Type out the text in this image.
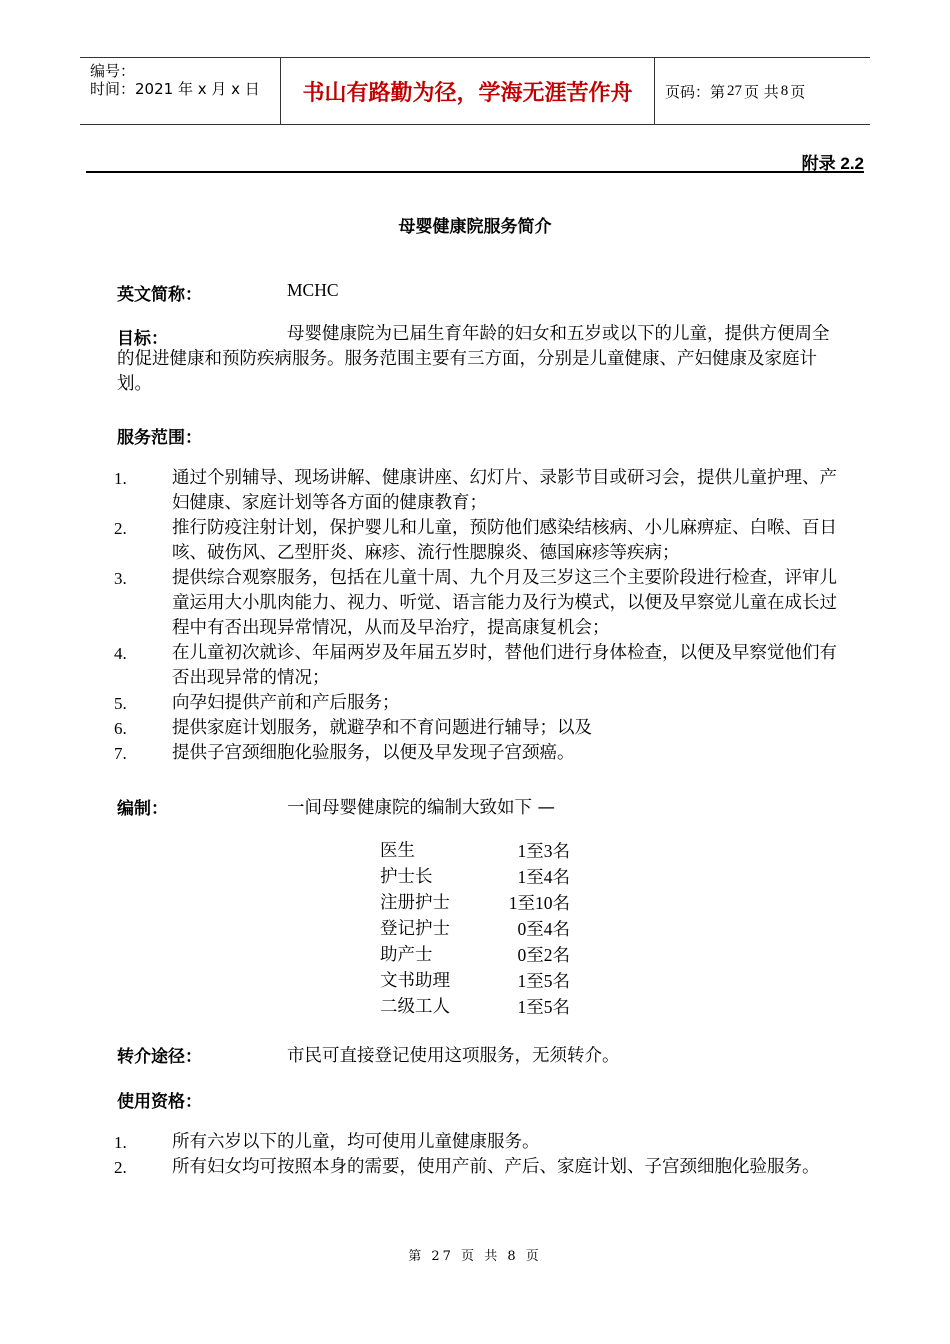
编号：
时间：2021 年 x 月 x 日	书山有路勤为径，学海无涯苦作舟	页码：第 27 页 共 8 页
附录 2.2
母婴健康院服务简介
英文简称：	MCHC
目标：	母婴健康院为已届生育年龄的妇女和五岁或以下的儿童，提供方便周全的促进健康和预防疾病服务。服务范围主要有三方面，分别是儿童健康、产妇健康及家庭计划。
服务范围：
1.	通过个别辅导、现场讲解、健康讲座、幻灯片、录影节目或研习会，提供儿童护理、产妇健康、家庭计划等各方面的健康教育；
2.	推行防疫注射计划，保护婴儿和儿童，预防他们感染结核病、小儿麻痹症、白喉、百日咳、破伤风、乙型肝炎、麻疹、流行性腮腺炎、德国麻疹等疾病；
3.	提供综合观察服务，包括在儿童十周、九个月及三岁这三个主要阶段进行检查，评审儿童运用大小肌肉能力、视力、听觉、语言能力及行为模式，以便及早察觉儿童在成长过程中有否出现异常情况，从而及早治疗，提高康复机会；
4.	在儿童初次就诊、年届两岁及年届五岁时，替他们进行身体检查，以便及早察觉他们有否出现异常的情况；
5.	向孕妇提供产前和产后服务；
6.	提供家庭计划服务，就避孕和不育问题进行辅导；以及
7.	提供子宫颈细胞化验服务，以便及早发现子宫颈癌。
编制：	一间母婴健康院的编制大致如下 —
医生	1至3名
护士长	1至4名
注册护士	1至10名
登记护士	0至4名
助产士	0至2名
文书助理	1至5名
二级工人	1至5名
转介途径：	市民可直接登记使用这项服务，无须转介。
使用资格：
1.	所有六岁以下的儿童，均可使用儿童健康服务。
2.	所有妇女均可按照本身的需要，使用产前、产后、家庭计划、子宫颈细胞化验服务。
第 27 页 共 8 页
